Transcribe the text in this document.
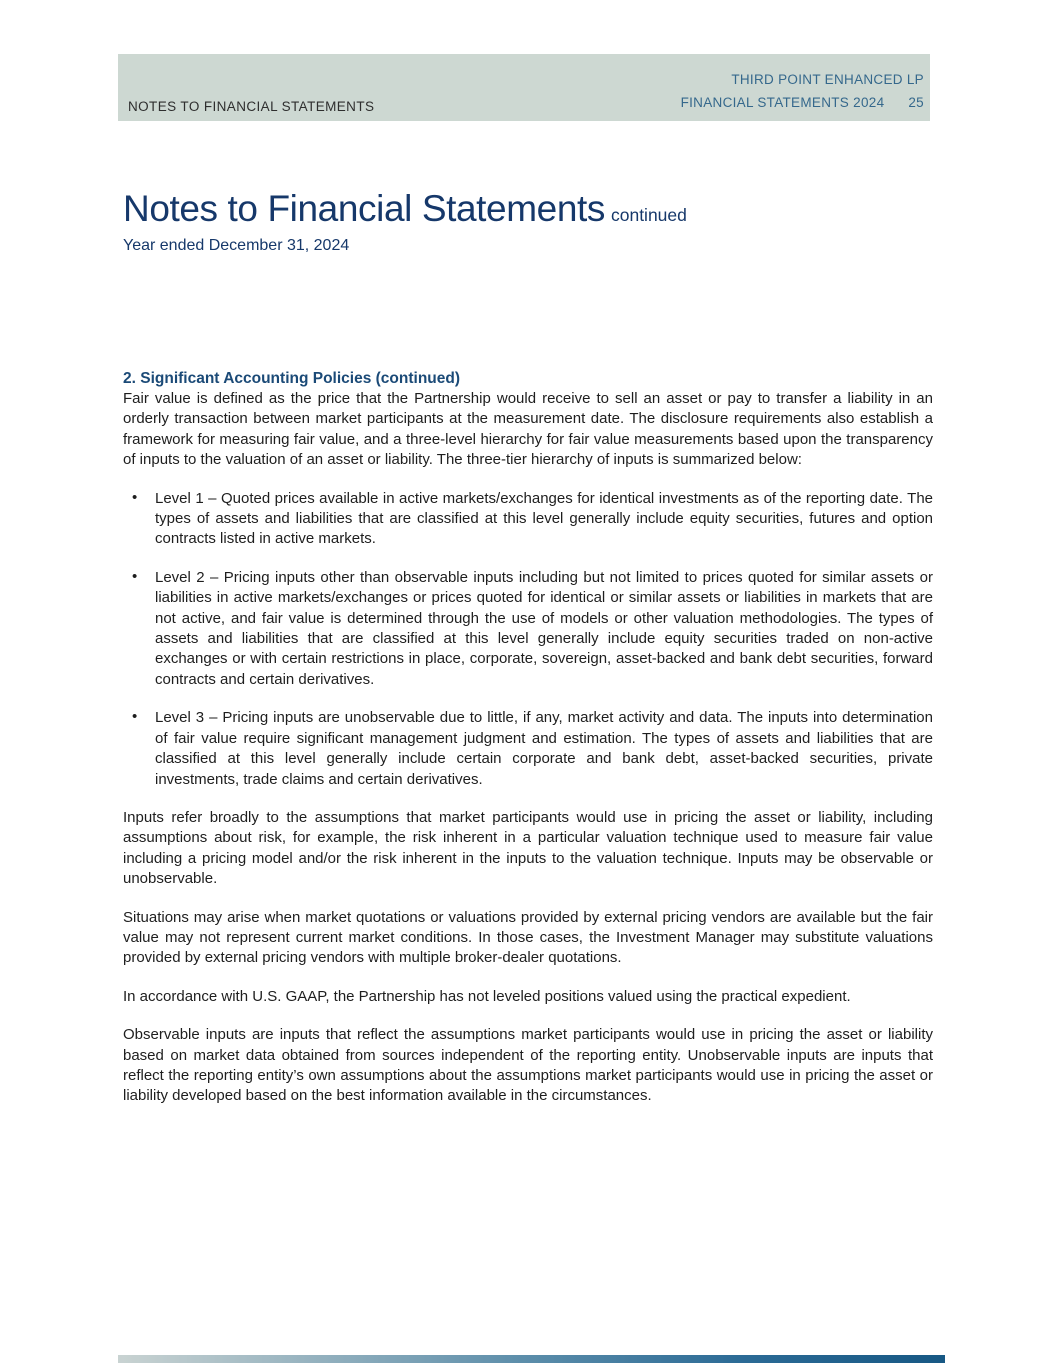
NOTES TO FINANCIAL STATEMENTS
THIRD POINT ENHANCED LP
FINANCIAL STATEMENTS 2024 25
Notes to Financial Statements continued
Year ended December 31, 2024
2. Significant Accounting Policies (continued)

Fair value is defined as the price that the Partnership would receive to sell an asset or pay to transfer a liability in an orderly transaction between market participants at the measurement date. The disclosure requirements also establish a framework for measuring fair value, and a three-level hierarchy for fair value measurements based upon the transparency of inputs to the valuation of an asset or liability. The three-tier hierarchy of inputs is summarized below:

• Level 1 – Quoted prices available in active markets/exchanges for identical investments as of the reporting date. The types of assets and liabilities that are classified at this level generally include equity securities, futures and option contracts listed in active markets.
• Level 2 – Pricing inputs other than observable inputs including but not limited to prices quoted for similar assets or liabilities in active markets/exchanges or prices quoted for identical or similar assets or liabilities in markets that are not active, and fair value is determined through the use of models or other valuation methodologies. The types of assets and liabilities that are classified at this level generally include equity securities traded on non-active exchanges or with certain restrictions in place, corporate, sovereign, asset-backed and bank debt securities, forward contracts and certain derivatives.
• Level 3 – Pricing inputs are unobservable due to little, if any, market activity and data. The inputs into determination of fair value require significant management judgment and estimation. The types of assets and liabilities that are classified at this level generally include certain corporate and bank debt, asset-backed securities, private investments, trade claims and certain derivatives.

Inputs refer broadly to the assumptions that market participants would use in pricing the asset or liability, including assumptions about risk, for example, the risk inherent in a particular valuation technique used to measure fair value including a pricing model and/or the risk inherent in the inputs to the valuation technique. Inputs may be observable or unobservable.

Situations may arise when market quotations or valuations provided by external pricing vendors are available but the fair value may not represent current market conditions. In those cases, the Investment Manager may substitute valuations provided by external pricing vendors with multiple broker-dealer quotations.

In accordance with U.S. GAAP, the Partnership has not leveled positions valued using the practical expedient.

Observable inputs are inputs that reflect the assumptions market participants would use in pricing the asset or liability based on market data obtained from sources independent of the reporting entity. Unobservable inputs are inputs that reflect the reporting entity’s own assumptions about the assumptions market participants would use in pricing the asset or liability developed based on the best information available in the circumstances.
